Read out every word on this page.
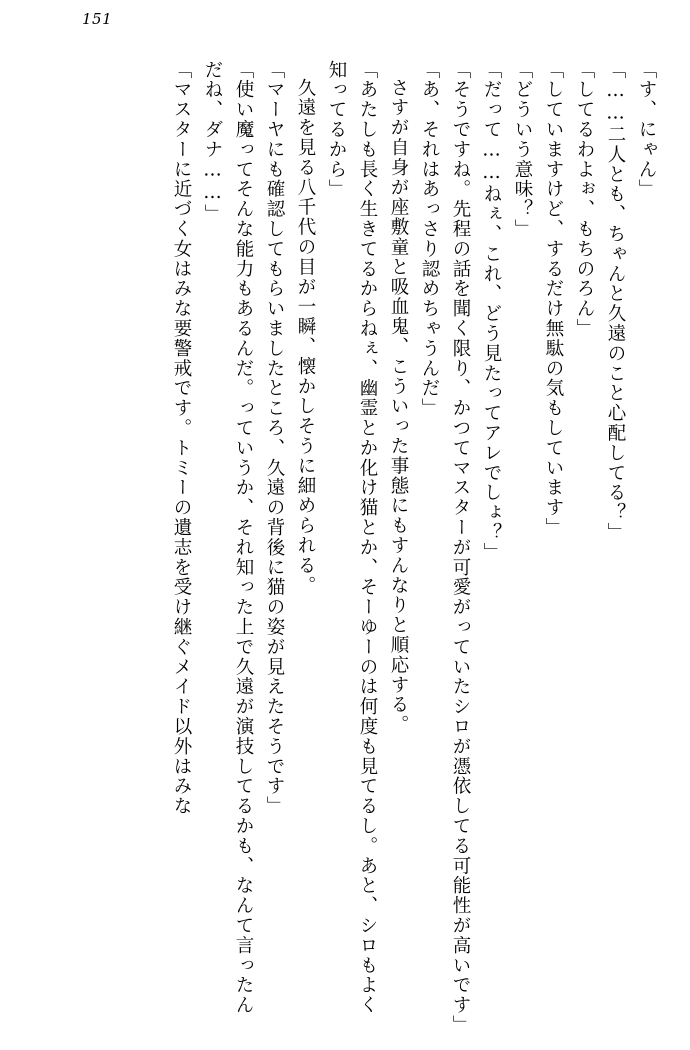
151

「す、にゃん」

「……二人とも、ちゃんと久遠のこと心配してる？」

「してるわよぉ、もちのろん」

「していますけど、するだけ無駄の気もしています」

「どういう意味？」

「だって……ねぇ、これ、どう見たってアレでしょ？」

「そうですね。先程の話を聞く限り、かつてマスターが可愛がっていたシロが憑依してる可能性が高いです」

「あ、それはあっさり認めちゃうんだ」

さすが自身が座敷童と吸血鬼、こういった事態にもすんなりと順応する。

「あたしも長く生きてるからねぇ、幽霊とか化け猫とか、そーゆーのは何度も見てるし。あと、シロもよく知ってるから」

久遠を見る八千代の目が一瞬、懐かしそうに細められる。

「マーヤにも確認してもらいましたところ、久遠の背後に猫の姿が見えたそうです」

「使い魔ってそんな能力もあるんだ。っていうか、それ知った上で久遠が演技してるかも、なんて言ったんだね、ダナ……」

「マスターに近づく女はみな要警戒です。トミーの遺志を受け継ぐメイド以外はみな
